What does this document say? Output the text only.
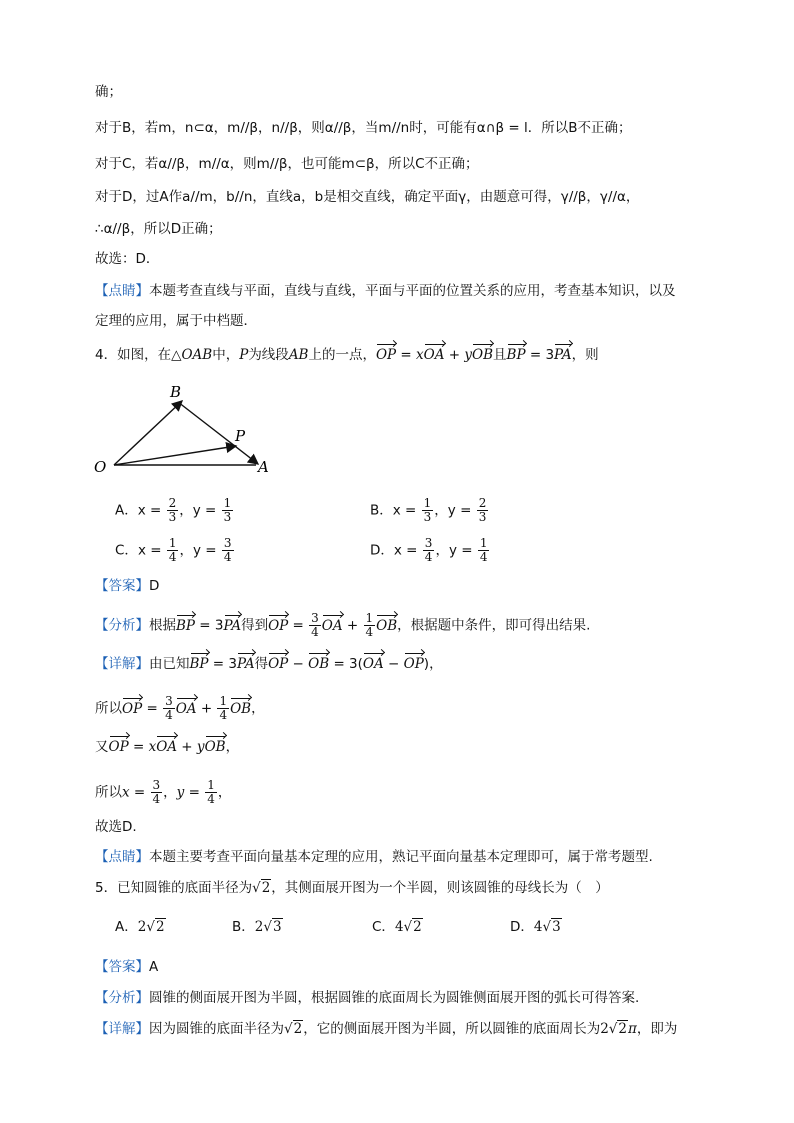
确；
对于B，若m，n⊂α，m//β，n//β，则α//β，当m//n时，可能有α∩β = l．所以B不正确；
对于C，若α//β，m//α，则m//β，也可能m⊂β，所以C不正确；
对于D，过A作a//m，b//n，直线a，b是相交直线，确定平面γ，由题意可得，γ//β，γ//α，
∴α//β，所以D正确；
故选：D．
【点睛】本题考查直线与平面，直线与直线，平面与平面的位置关系的应用，考查基本知识，以及
定理的应用，属于中档题．
4．如图，在△OAB中，P为线段AB上的一点，OP = xOA + yOB且BP = 3PA，则
O	A
B
P
A．$x = \frac{2}{3}$ ，$y = \frac{1}{3}$	B．$x = \frac{1}{3}$ ，$y = \frac{2}{3}$
C．$x = \frac{1}{4}$ ，$y = \frac{3}{4}$	D．$x = \frac{3}{4}$ ，$y = \frac{1}{4}$
【答案】D
【分析】根据BP = 3PA得到OP = $\frac{3}{4}$ OA + $\frac{1}{4}$ OB，根据题中条件，即可得出结果.
【详解】由已知BP = 3PA得OP − OB = 3(OA − OP)，
所以OP = $\frac{3}{4}$ OA + $\frac{1}{4}$ OB，
又OP = xOA + yOB，
所以$x = \frac{3}{4}$ ，$y = \frac{1}{4}$ ，
故选D.
【点睛】本题主要考查平面向量基本定理的应用，熟记平面向量基本定理即可，属于常考题型.
5．已知圆锥的底面半径为√2，其侧面展开图为一个半圆，则该圆锥的母线长为（　）
A．2√2	B．2√3	C．4√2	D．4√3
【答案】A
【分析】圆锥的侧面展开图为半圆，根据圆锥的底面周长为圆锥侧面展开图的弧长可得答案.
【详解】因为圆锥的底面半径为√2，它的侧面展开图为半圆，所以圆锥的底面周长为2√2π，即为
